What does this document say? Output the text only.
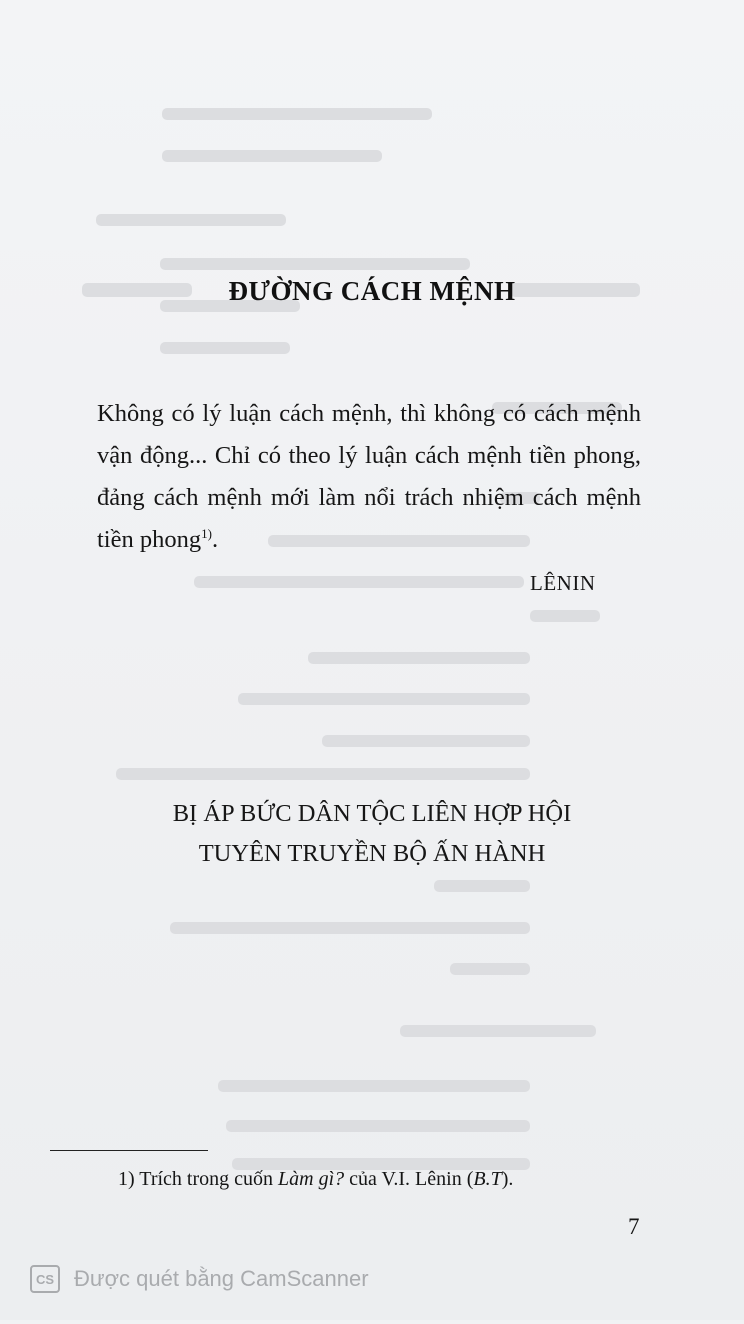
ĐƯỜNG CÁCH MỆNH

Không có lý luận cách mệnh, thì không có cách mệnh vận động... Chỉ có theo lý luận cách mệnh tiền phong, đảng cách mệnh mới làm nổi trách nhiệm cách mệnh tiền phong$^{1)}$.

LÊNIN
BỊ ÁP BỨC DÂN TỘC LIÊN HỢP HỘI
TUYÊN TRUYỀN BỘ ẤN HÀNH
1) Trích trong cuốn Làm gì? của V.I. Lênin (B.T).
7
CS Được quét bằng CamScanner
